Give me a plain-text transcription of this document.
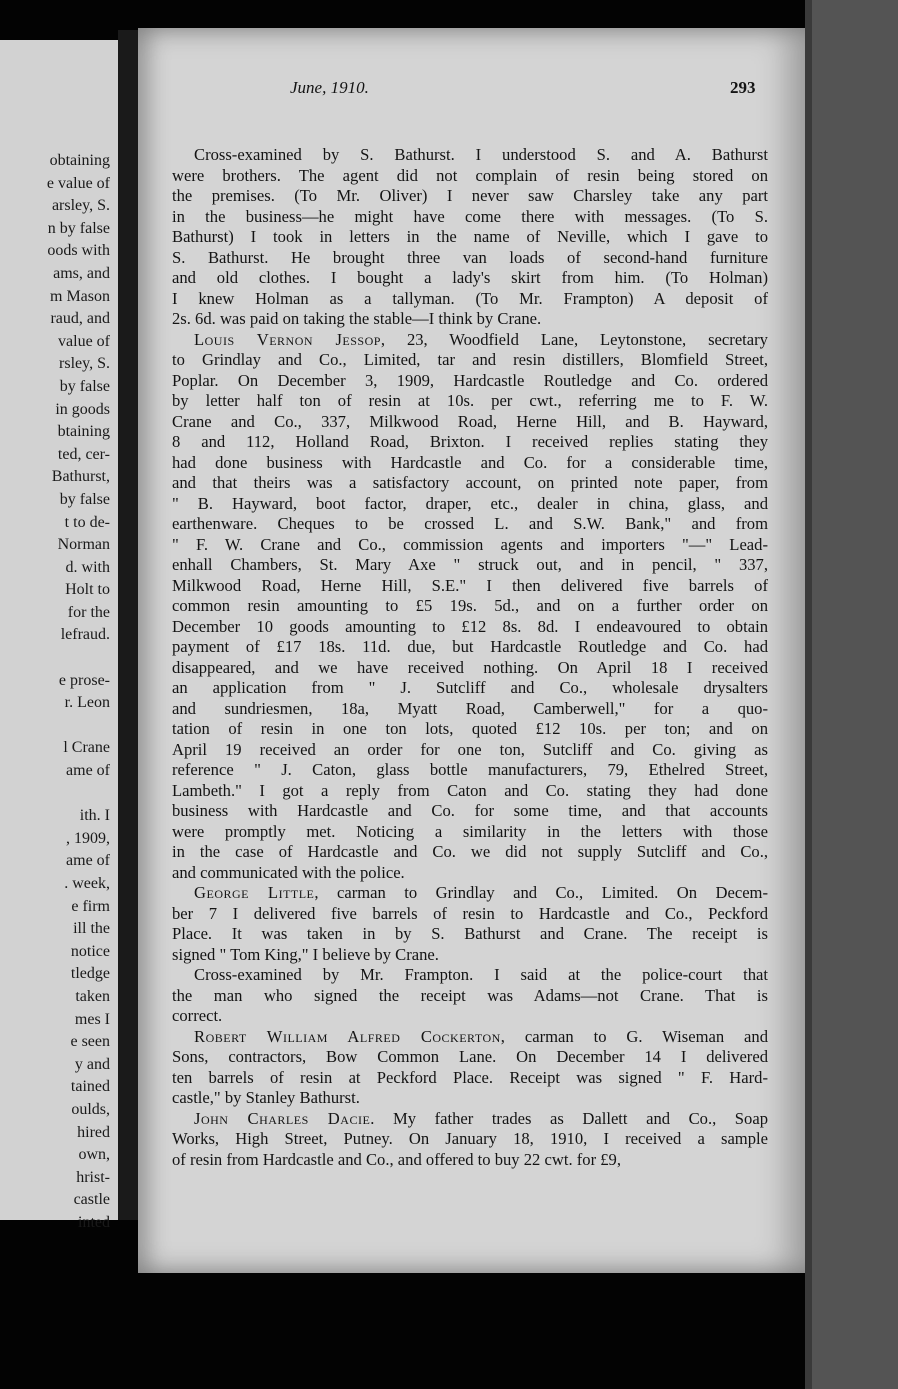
obtaining
e value of
arsley, S.
n by false
oods with
ams, and
m Mason
raud, and
value of
rsley, S.
by false
in goods
btaining
ted, cer-
Bathurst,
by false
t to de-
Norman
d. with
Holt to
for the
lefraud.
e prose-
r. Leon
l Crane
ame of
ith. I
, 1909,
ame of
. week,
e firm
ill the
notice
tledge
taken
mes I
e seen
y and
tained
oulds,
hired
own,
hrist-
castle
inted
June, 1910.	293
Cross-examined by S. Bathurst. I understood S. and A. Bathurst
were brothers. The agent did not complain of resin being stored on
the premises. (To Mr. Oliver) I never saw Charsley take any part
in the business—he might have come there with messages. (To S.
Bathurst) I took in letters in the name of Neville, which I gave to
S. Bathurst. He brought three van loads of second-hand furniture
and old clothes. I bought a lady's skirt from him. (To Holman)
I knew Holman as a tallyman. (To Mr. Frampton) A deposit of
2s. 6d. was paid on taking the stable—I think by Crane.
Louis Vernon Jessop, 23, Woodfield Lane, Leytonstone, secretary
to Grindlay and Co., Limited, tar and resin distillers, Blomfield Street,
Poplar. On December 3, 1909, Hardcastle Routledge and Co. ordered
by letter half ton of resin at 10s. per cwt., referring me to F. W.
Crane and Co., 337, Milkwood Road, Herne Hill, and B. Hayward,
8 and 112, Holland Road, Brixton. I received replies stating they
had done business with Hardcastle and Co. for a considerable time,
and that theirs was a satisfactory account, on printed note paper, from
" B. Hayward, boot factor, draper, etc., dealer in china, glass, and
earthenware. Cheques to be crossed L. and S.W. Bank," and from
" F. W. Crane and Co., commission agents and importers "—" Lead-
enhall Chambers, St. Mary Axe " struck out, and in pencil, " 337,
Milkwood Road, Herne Hill, S.E." I then delivered five barrels of
common resin amounting to £5 19s. 5d., and on a further order on
December 10 goods amounting to £12 8s. 8d. I endeavoured to obtain
payment of £17 18s. 11d. due, but Hardcastle Routledge and Co. had
disappeared, and we have received nothing. On April 18 I received
an application from " J. Sutcliff and Co., wholesale drysalters
and sundriesmen, 18a, Myatt Road, Camberwell," for a quo-
tation of resin in one ton lots, quoted £12 10s. per ton; and on
April 19 received an order for one ton, Sutcliff and Co. giving as
reference " J. Caton, glass bottle manufacturers, 79, Ethelred Street,
Lambeth." I got a reply from Caton and Co. stating they had done
business with Hardcastle and Co. for some time, and that accounts
were promptly met. Noticing a similarity in the letters with those
in the case of Hardcastle and Co. we did not supply Sutcliff and Co.,
and communicated with the police.
George Little, carman to Grindlay and Co., Limited. On Decem-
ber 7 I delivered five barrels of resin to Hardcastle and Co., Peckford
Place. It was taken in by S. Bathurst and Crane. The receipt is
signed " Tom King," I believe by Crane.
Cross-examined by Mr. Frampton. I said at the police-court that
the man who signed the receipt was Adams—not Crane. That is
correct.
Robert William Alfred Cockerton, carman to G. Wiseman and
Sons, contractors, Bow Common Lane. On December 14 I delivered
ten barrels of resin at Peckford Place. Receipt was signed " F. Hard-
castle," by Stanley Bathurst.
John Charles Dacie. My father trades as Dallett and Co., Soap
Works, High Street, Putney. On January 18, 1910, I received a sample
of resin from Hardcastle and Co., and offered to buy 22 cwt. for £9,
